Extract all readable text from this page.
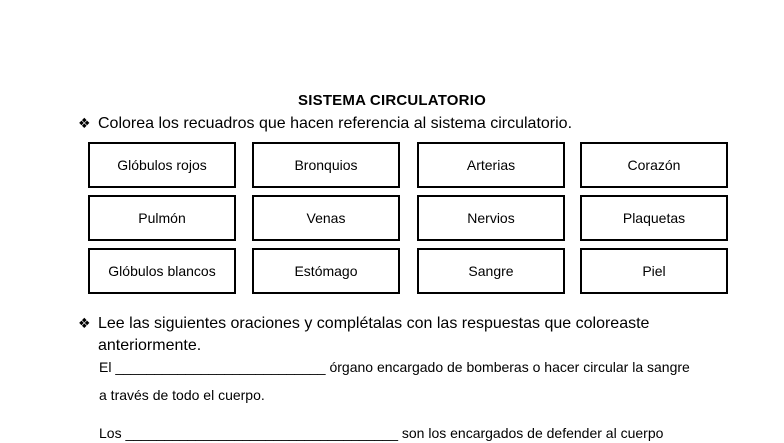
SISTEMA CIRCULATORIO
❖ Colorea los recuadros que hacen referencia al sistema circulatorio.
Glóbulos rojos	Bronquios	Arterias	Corazón
Pulmón	Venas	Nervios	Plaquetas
Glóbulos blancos	Estómago	Sangre	Piel
❖ Lee las siguientes oraciones y complétalas con las respuestas que coloreaste
anteriormente.
El ___________________________ órgano encargado de bomberas o hacer circular la sangre
a través de todo el cuerpo.
Los ___________________________________ son los encargados de defender al cuerpo
